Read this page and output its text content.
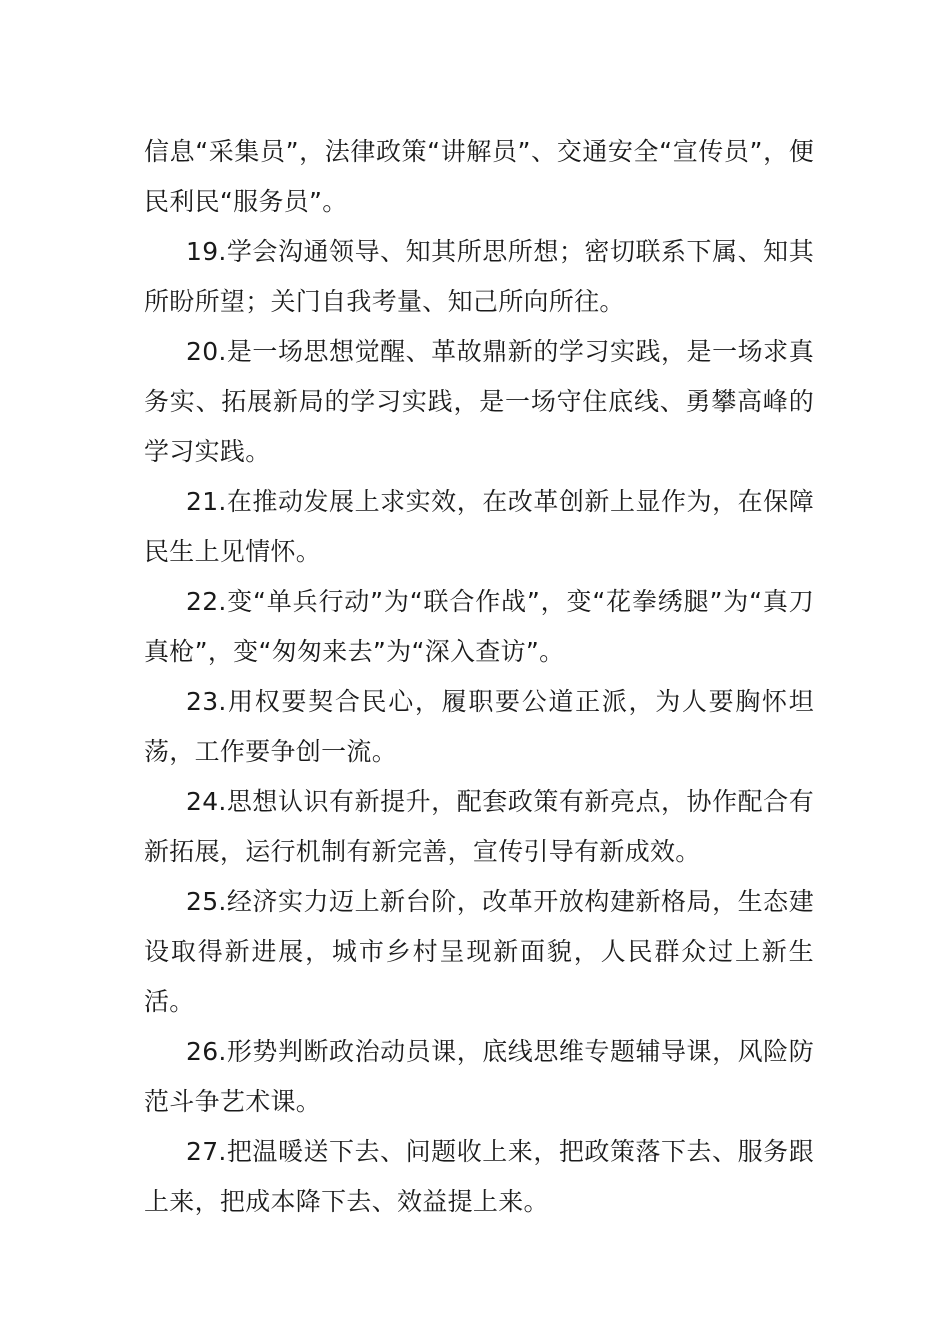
信息“采集员”，法律政策“讲解员”、交通安全“宣传员”，便民利民“服务员”。

19.学会沟通领导、知其所思所想；密切联系下属、知其所盼所望；关门自我考量、知己所向所往。

20.是一场思想觉醒、革故鼎新的学习实践，是一场求真务实、拓展新局的学习实践，是一场守住底线、勇攀高峰的学习实践。

21.在推动发展上求实效，在改革创新上显作为，在保障民生上见情怀。

22.变“单兵行动”为“联合作战”，变“花拳绣腿”为“真刀真枪”，变“匆匆来去”为“深入查访”。

23.用权要契合民心，履职要公道正派，为人要胸怀坦荡，工作要争创一流。

24.思想认识有新提升，配套政策有新亮点，协作配合有新拓展，运行机制有新完善，宣传引导有新成效。

25.经济实力迈上新台阶，改革开放构建新格局，生态建设取得新进展，城市乡村呈现新面貌，人民群众过上新生活。

26.形势判断政治动员课，底线思维专题辅导课，风险防范斗争艺术课。

27.把温暖送下去、问题收上来，把政策落下去、服务跟上来，把成本降下去、效益提上来。
